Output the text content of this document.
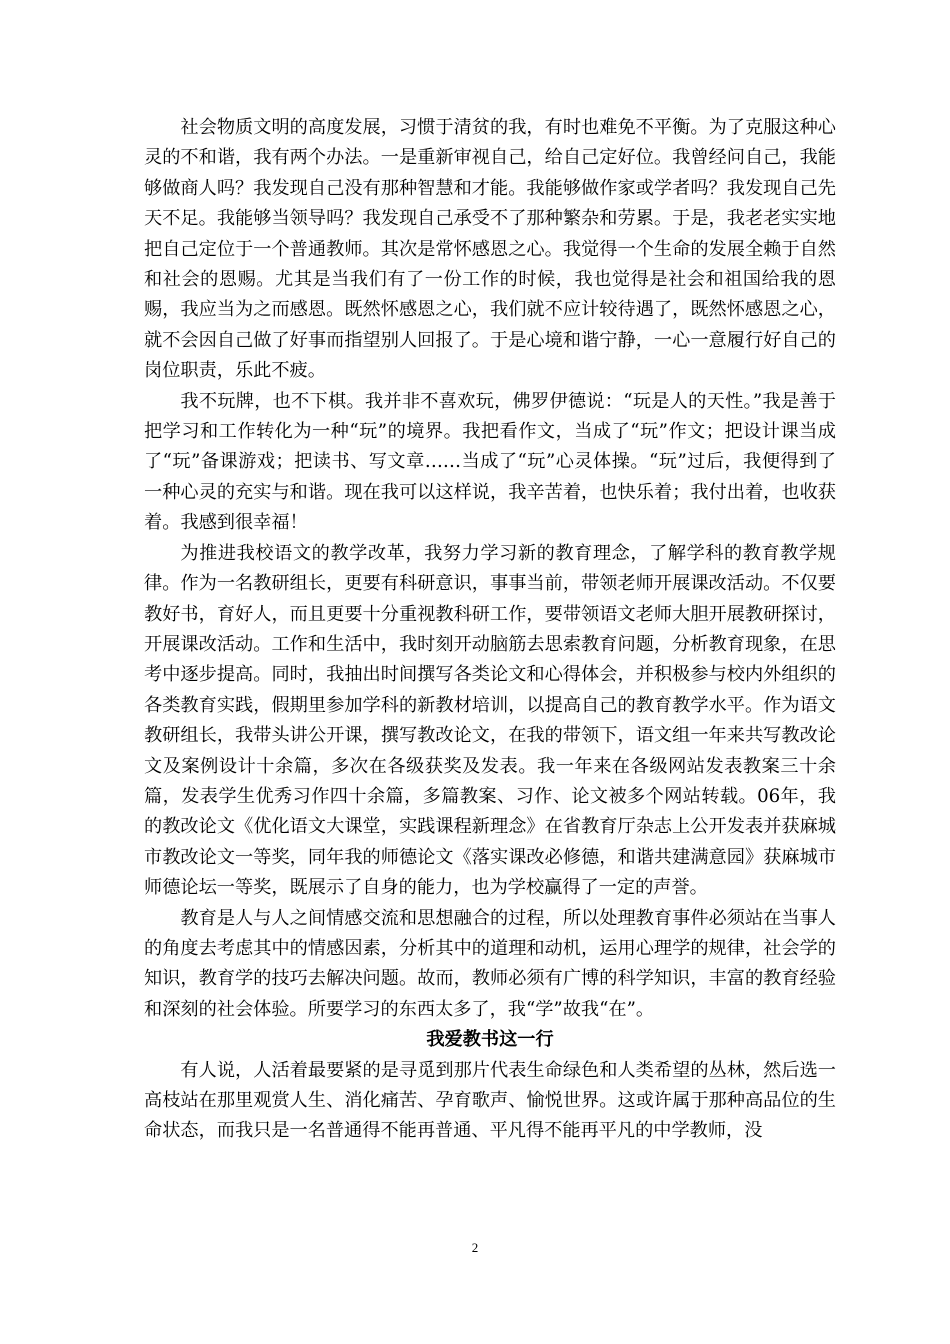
社会物质文明的高度发展，习惯于清贫的我，有时也难免不平衡。为了克服这种心灵的不和谐，我有两个办法。一是重新审视自己，给自己定好位。我曾经问自己，我能够做商人吗？我发现自己没有那种智慧和才能。我能够做作家或学者吗？我发现自己先天不足。我能够当领导吗？我发现自己承受不了那种繁杂和劳累。于是，我老老实实地把自己定位于一个普通教师。其次是常怀感恩之心。我觉得一个生命的发展全赖于自然和社会的恩赐。尤其是当我们有了一份工作的时候，我也觉得是社会和祖国给我的恩赐，我应当为之而感恩。既然怀感恩之心，我们就不应计较待遇了，既然怀感恩之心，就不会因自己做了好事而指望别人回报了。于是心境和谐宁静，一心一意履行好自己的岗位职责，乐此不疲。

我不玩牌，也不下棋。我并非不喜欢玩，佛罗伊德说：“玩是人的天性。”我是善于把学习和工作转化为一种“玩”的境界。我把看作文，当成了“玩”作文；把设计课当成了“玩”备课游戏；把读书、写文章……当成了“玩”心灵体操。“玩”过后，我便得到了一种心灵的充实与和谐。现在我可以这样说，我辛苦着，也快乐着；我付出着，也收获着。我感到很幸福！

为推进我校语文的教学改革，我努力学习新的教育理念，了解学科的教育教学规律。作为一名教研组长，更要有科研意识，事事当前，带领老师开展课改活动。不仅要教好书，育好人，而且更要十分重视教科研工作，要带领语文老师大胆开展教研探讨，开展课改活动。工作和生活中，我时刻开动脑筋去思索教育问题，分析教育现象，在思考中逐步提高。同时，我抽出时间撰写各类论文和心得体会，并积极参与校内外组织的各类教育实践，假期里参加学科的新教材培训，以提高自己的教育教学水平。作为语文教研组长，我带头讲公开课，撰写教改论文，在我的带领下，语文组一年来共写教改论文及案例设计十余篇，多次在各级获奖及发表。我一年来在各级网站发表教案三十余篇，发表学生优秀习作四十余篇，多篇教案、习作、论文被多个网站转载。06年，我的教改论文《优化语文大课堂，实践课程新理念》在省教育厅杂志上公开发表并获麻城市教改论文一等奖，同年我的师德论文《落实课改必修德，和谐共建满意园》获麻城市师德论坛一等奖，既展示了自身的能力，也为学校赢得了一定的声誉。

教育是人与人之间情感交流和思想融合的过程，所以处理教育事件必须站在当事人的角度去考虑其中的情感因素，分析其中的道理和动机，运用心理学的规律，社会学的知识，教育学的技巧去解决问题。故而，教师必须有广博的科学知识，丰富的教育经验和深刻的社会体验。所要学习的东西太多了，我“学”故我“在”。

我爱教书这一行

有人说，人活着最要紧的是寻觅到那片代表生命绿色和人类希望的丛林，然后选一高枝站在那里观赏人生、消化痛苦、孕育歌声、愉悦世界。这或许属于那种高品位的生命状态，而我只是一名普通得不能再普通、平凡得不能再平凡的中学教师，没

2
